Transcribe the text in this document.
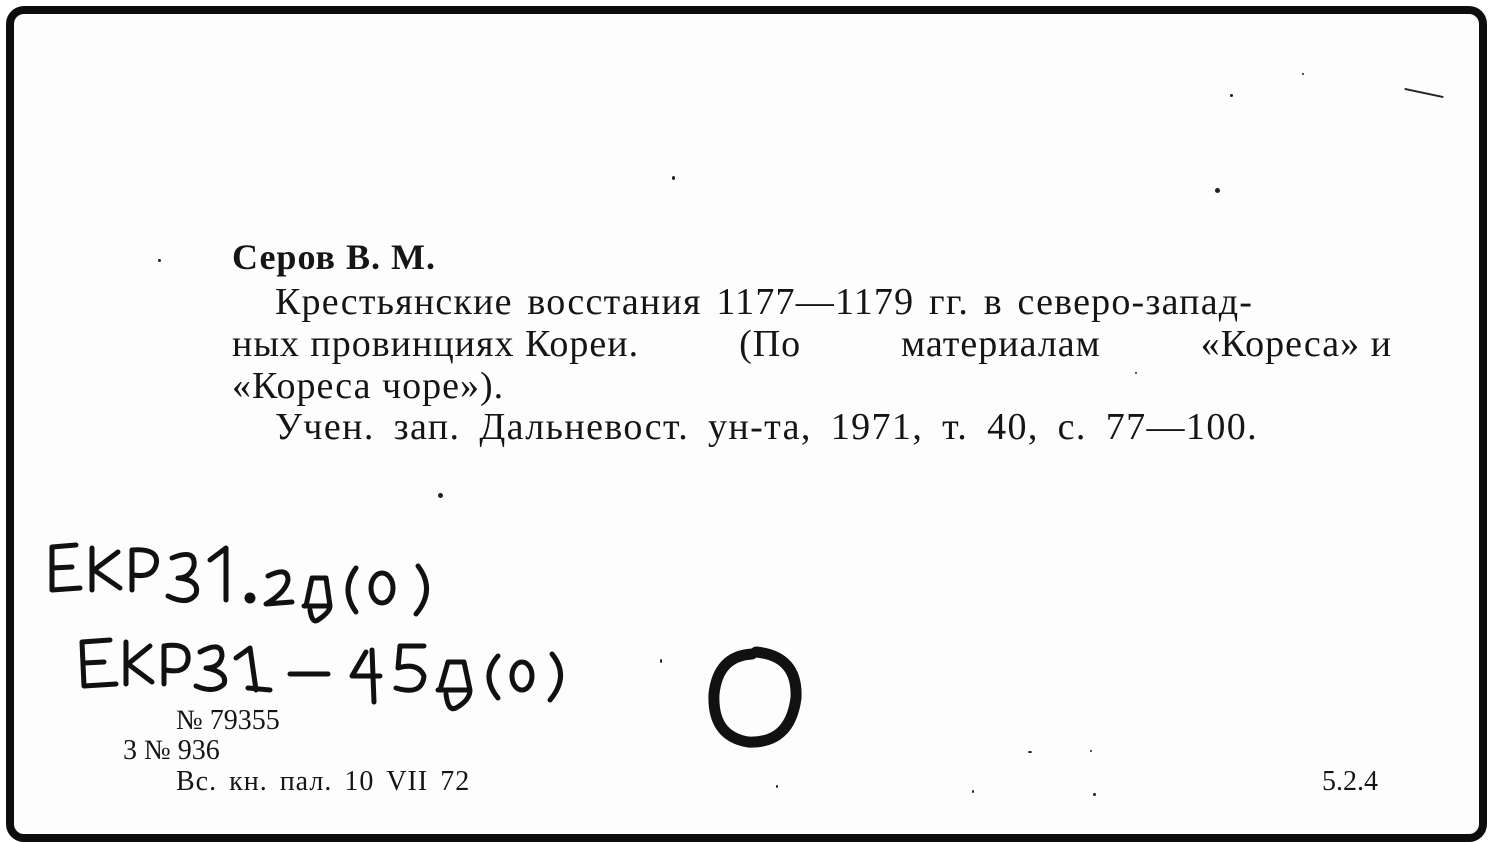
Серов В. М.
Крестьянские восстания 1177—1179 гг. в северо-запад-
ных провинциях Кореи.	(По	материалам	«Кореса» и
«Кореса чоре»).
Учен. зап. Дальневост. ун-та, 1971, т. 40, с. 77—100.
№ 79355
3 № 936
Вс. кн. пал. 10 VII 72	5.2.4
